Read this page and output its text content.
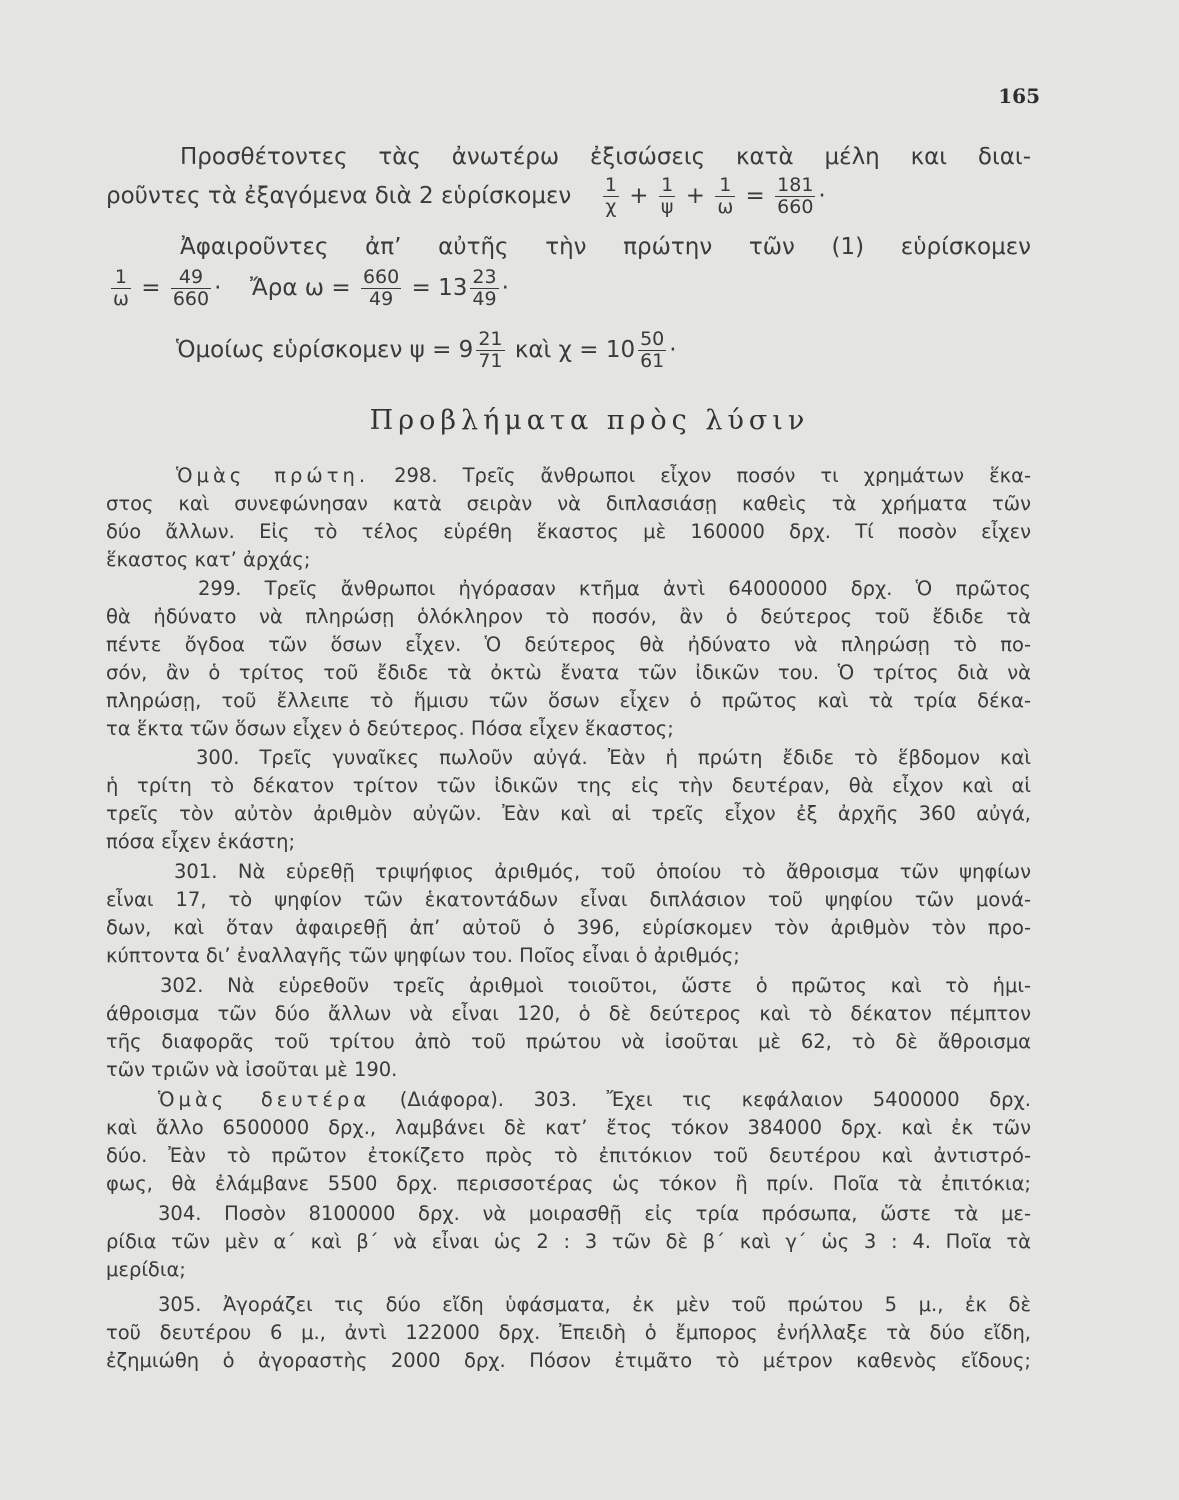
165
Προσθέτοντες τὰς ἀνωτέρω ἐξισώσεις κατὰ μέλη και διαι-
ροῦντες τὰ ἐξαγόμενα διὰ 2 εὑρίσκομεν $\frac{1}{\chi} + \frac{1}{\psi} + \frac{1}{\omega} = \frac{181}{660}$ ·
Ἀφαιροῦντες ἀπ’ αὐτῆς τὴν πρώτην τῶν (1) εὑρίσκομεν
$\frac{1}{\omega} = \frac{49}{660}$ · Ἄρα $\omega = \frac{660}{49} = 13 \frac{23}{49}$ ·
Ὁμοίως εὑρίσκομεν $\psi = 9 \frac{21}{71}$ καὶ $\chi = 10 \frac{50}{61}$ ·
Προβλήματα πρὸς λύσιν
Ὁμὰς πρώτη. 298. Τρεῖς ἄνθρωποι εἶχον ποσόν τι χρημάτων ἕκα-
στος καὶ συνεφώνησαν κατὰ σειρὰν νὰ διπλασιάσῃ καθεὶς τὰ χρήματα τῶν
δύο ἄλλων. Εἰς τὸ τέλος εὑρέθη ἕκαστος μὲ 160000 δρχ. Τί ποσὸν εἶχεν
ἕκαστος κατ’ ἀρχάς;
299. Τρεῖς ἄνθρωποι ἠγόρασαν κτῆμα ἀντὶ 64000000 δρχ. Ὁ πρῶτος
θὰ ἠδύνατο νὰ πληρώσῃ ὁλόκληρον τὸ ποσόν, ἂν ὁ δεύτερος τοῦ ἔδιδε τὰ
πέντε ὄγδοα τῶν ὅσων εἶχεν. Ὁ δεύτερος θὰ ἠδύνατο νὰ πληρώσῃ τὸ πο-
σόν, ἂν ὁ τρίτος τοῦ ἔδιδε τὰ ὀκτὼ ἔνατα τῶν ἰδικῶν του. Ὁ τρίτος διὰ νὰ
πληρώσῃ, τοῦ ἔλλειπε τὸ ἥμισυ τῶν ὅσων εἶχεν ὁ πρῶτος καὶ τὰ τρία δέκα-
τα ἕκτα τῶν ὅσων εἶχεν ὁ δεύτερος. Πόσα εἶχεν ἕκαστος;
300. Τρεῖς γυναῖκες πωλοῦν αὐγά. Ἐὰν ἡ πρώτη ἔδιδε τὸ ἕβδομον καὶ
ἡ τρίτη τὸ δέκατον τρίτον τῶν ἰδικῶν της εἰς τὴν δευτέραν, θὰ εἶχον καὶ αἱ
τρεῖς τὸν αὐτὸν ἀριθμὸν αὐγῶν. Ἐὰν καὶ αἱ τρεῖς εἶχον ἐξ ἀρχῆς 360 αὐγά,
πόσα εἶχεν ἑκάστη;
301. Νὰ εὑρεθῇ τριψήφιος ἀριθμός, τοῦ ὁποίου τὸ ἄθροισμα τῶν ψηφίων
εἶναι 17, τὸ ψηφίον τῶν ἑκατοντάδων εἶναι διπλάσιον τοῦ ψηφίου τῶν μονά-
δων, καὶ ὅταν ἀφαιρεθῇ ἀπ’ αὐτοῦ ὁ 396, εὑρίσκομεν τὸν ἀριθμὸν τὸν προ-
κύπτοντα δι’ ἐναλλαγῆς τῶν ψηφίων του. Ποῖος εἶναι ὁ ἀριθμός;
302. Νὰ εὑρεθοῦν τρεῖς ἀριθμοὶ τοιοῦτοι, ὥστε ὁ πρῶτος καὶ τὸ ἡμι-
άθροισμα τῶν δύο ἄλλων νὰ εἶναι 120, ὁ δὲ δεύτερος καὶ τὸ δέκατον πέμπτον
τῆς διαφορᾶς τοῦ τρίτου ἀπὸ τοῦ πρώτου νὰ ἰσοῦται μὲ 62, τὸ δὲ ἄθροισμα
τῶν τριῶν νὰ ἰσοῦται μὲ 190.
Ὁμὰς δευτέρα (Διάφορα). 303. Ἔχει τις κεφάλαιον 5400000 δρχ.
καὶ ἄλλο 6500000 δρχ., λαμβάνει δὲ κατ’ ἔτος τόκον 384000 δρχ. καὶ ἐκ τῶν
δύο. Ἐὰν τὸ πρῶτον ἐτοκίζετο πρὸς τὸ ἐπιτόκιον τοῦ δευτέρου καὶ ἀντιστρό-
φως, θὰ ἐλάμβανε 5500 δρχ. περισσοτέρας ὡς τόκον ἢ πρίν. Ποῖα τὰ ἐπιτόκια;
304. Ποσὸν 8100000 δρχ. νὰ μοιρασθῇ εἰς τρία πρόσωπα, ὥστε τὰ με-
ρίδια τῶν μὲν α΄ καὶ β΄ νὰ εἶναι ὡς 2 : 3 τῶν δὲ β΄ καὶ γ΄ ὡς 3 : 4. Ποῖα τὰ
μερίδια;
305. Ἀγοράζει τις δύο εἴδη ὑφάσματα, ἐκ μὲν τοῦ πρώτου 5 μ., ἐκ δὲ
τοῦ δευτέρου 6 μ., ἀντὶ 122000 δρχ. Ἐπειδὴ ὁ ἔμπορος ἐνήλλαξε τὰ δύο εἴδη,
ἐζημιώθη ὁ ἀγοραστὴς 2000 δρχ. Πόσον ἐτιμᾶτο τὸ μέτρον καθενὸς εἴδους;
